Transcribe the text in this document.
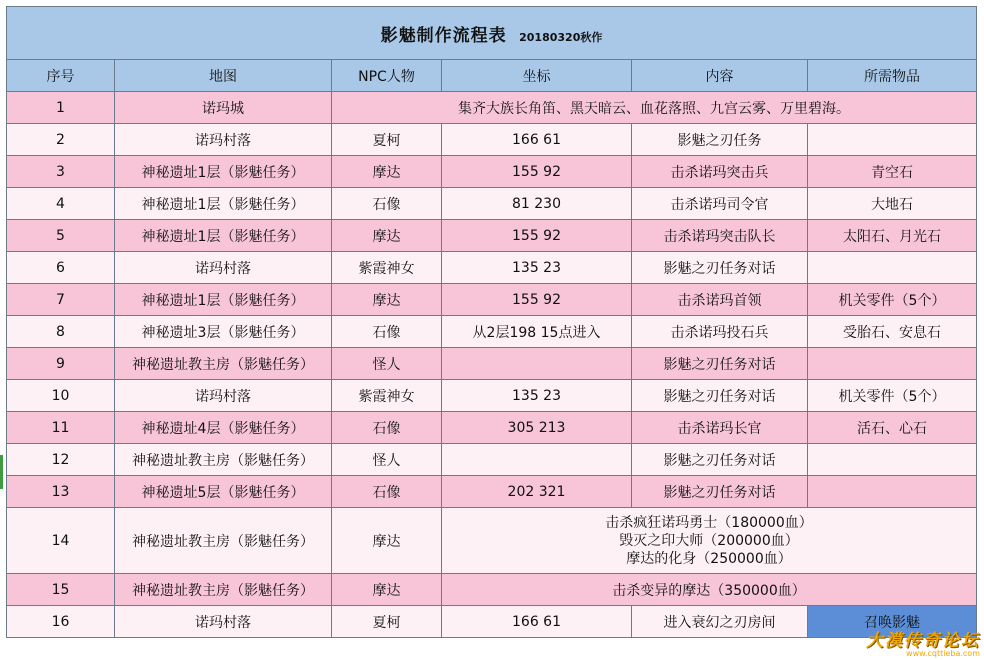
影魅制作流程表 20180320秋作					
序号	地图	NPC人物	坐标	内容	所需物品
1	诺玛城	集齐大族长角笛、黑天暗云、血花落照、九宫云雾、万里碧海。			
2	诺玛村落	夏柯	166 61	影魅之刃任务	
3	神秘遗址1层（影魅任务）	摩达	155 92	击杀诺玛突击兵	青空石
4	神秘遗址1层（影魅任务）	石像	81 230	击杀诺玛司令官	大地石
5	神秘遗址1层（影魅任务）	摩达	155 92	击杀诺玛突击队长	太阳石、月光石
6	诺玛村落	紫霞神女	135 23	影魅之刃任务对话	
7	神秘遗址1层（影魅任务）	摩达	155 92	击杀诺玛首领	机关零件（5个）
8	神秘遗址3层（影魅任务）	石像	从2层198 15点进入	击杀诺玛投石兵	受胎石、安息石
9	神秘遗址教主房（影魅任务）	怪人		影魅之刃任务对话	
10	诺玛村落	紫霞神女	135 23	影魅之刃任务对话	机关零件（5个）
11	神秘遗址4层（影魅任务）	石像	305 213	击杀诺玛长官	活石、心石
12	神秘遗址教主房（影魅任务）	怪人		影魅之刃任务对话	
13	神秘遗址5层（影魅任务）	石像	202 321	影魅之刃任务对话	
14	神秘遗址教主房（影魅任务）	摩达	击杀疯狂诺玛勇士（180000血）
毁灭之印大师（200000血）
摩达的化身（250000血）		

15	神秘遗址教主房（影魅任务）	摩达	击杀变异的摩达（350000血）		
16	诺玛村落	夏柯	166 61	进入衰幻之刃房间	召唤影魅
大漠传奇论坛
www.cqttieba.com
